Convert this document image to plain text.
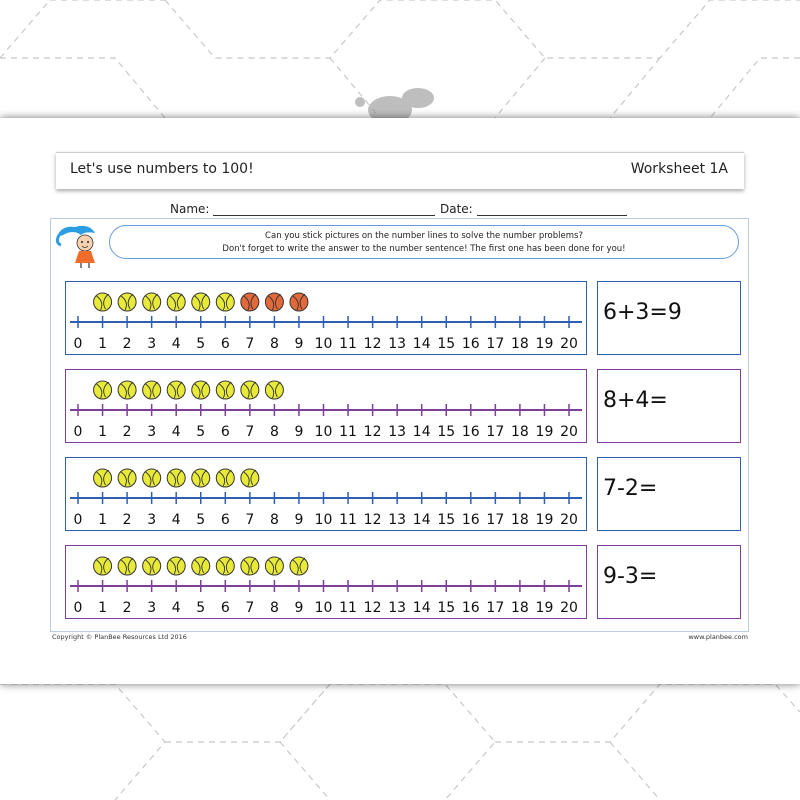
Let's use numbers to 100!	Worksheet 1A
Name:	Date:
Can you stick pictures on the number lines to solve the number problems?
Don't forget to write the answer to the number sentence! The first one has been done for you!
0 1 2 3 4 5 6 7 8 9 10 11 12 13 14 15 16 17 18 19 20
6+3=9
0 1 2 3 4 5 6 7 8 9 10 11 12 13 14 15 16 17 18 19 20
8+4=
0 1 2 3 4 5 6 7 8 9 10 11 12 13 14 15 16 17 18 19 20
7-2=
0 1 2 3 4 5 6 7 8 9 10 11 12 13 14 15 16 17 18 19 20
9-3=
Copyright © PlanBee Resources Ltd 2016	www.planbee.com
